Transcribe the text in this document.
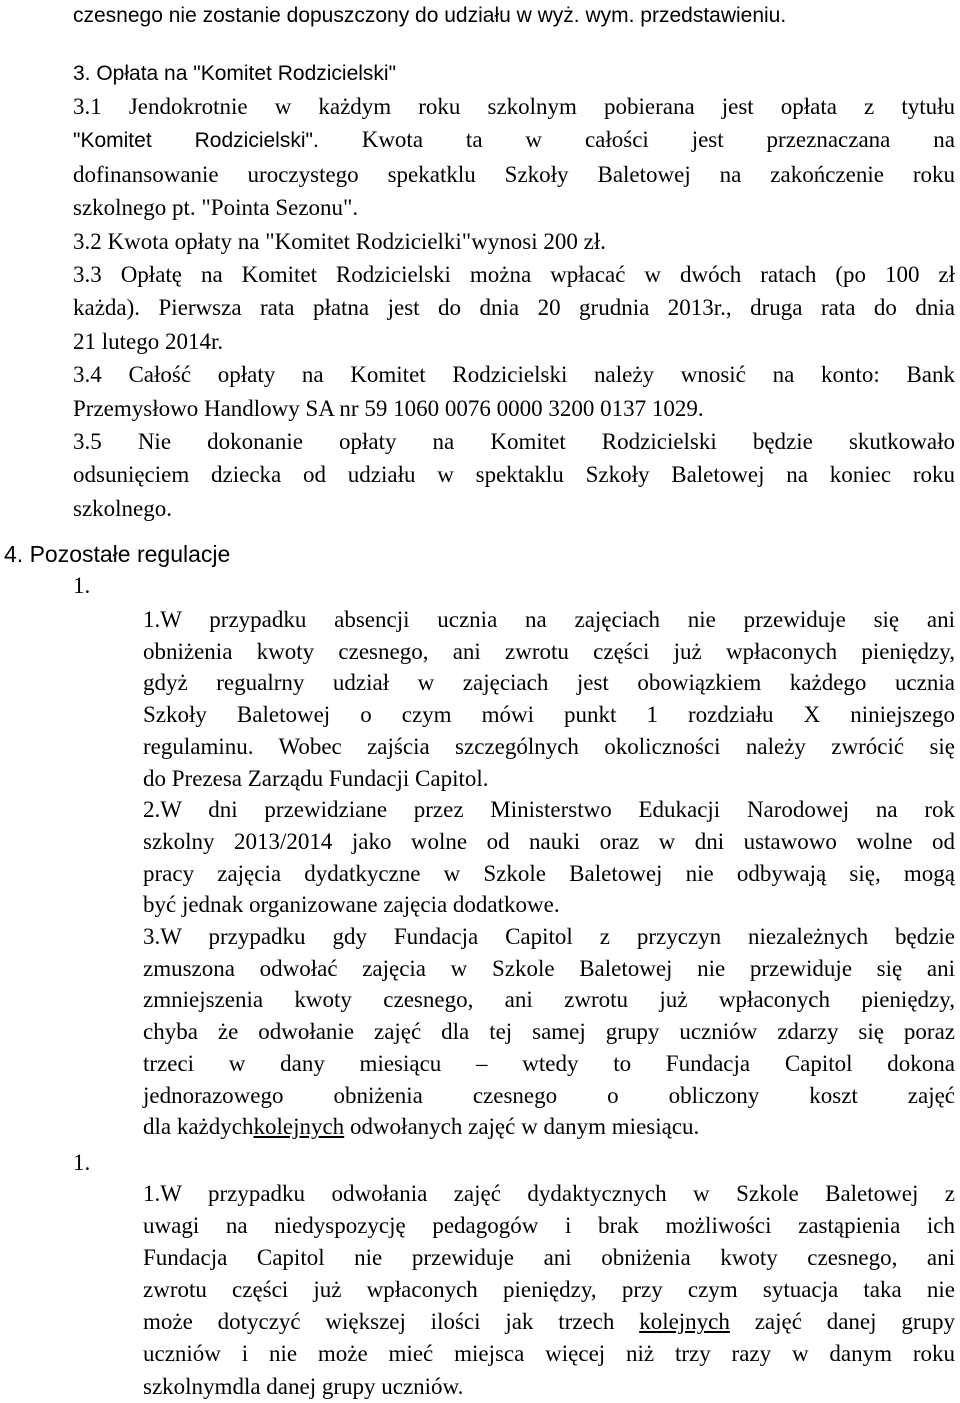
czesnego nie zostanie dopuszczony do udziału w wyż. wym. przedstawieniu.
3. Opłata na "Komitet Rodzicielski"
3.1 Jendokrotnie w każdym roku szkolnym pobierana jest opłata z tytułu
"Komitet Rodzicielski". Kwota ta w całości jest przeznaczana na
dofinansowanie uroczystego spekatklu Szkoły Baletowej na zakończenie roku
szkolnego pt. "Pointa Sezonu".
3.2 Kwota opłaty na "Komitet Rodzicielki"wynosi 200 zł.
3.3 Opłatę na Komitet Rodzicielski można wpłacać w dwóch ratach (po 100 zł
każda). Pierwsza rata płatna jest do dnia 20 grudnia 2013r., druga rata do dnia
21 lutego 2014r.
3.4 Całość opłaty na Komitet Rodzicielski należy wnosić na konto: Bank
Przemysłowo Handlowy SA nr 59 1060 0076 0000 3200 0137 1029.
3.5 Nie dokonanie opłaty na Komitet Rodzicielski będzie skutkowało
odsunięciem dziecka od udziału w spektaklu Szkoły Baletowej na koniec roku
szkolnego.
4. Pozostałe regulacje
1.
1.W przypadku absencji ucznia na zajęciach nie przewiduje się ani
obniżenia kwoty czesnego, ani zwrotu części już wpłaconych pieniędzy,
gdyż regualrny udział w zajęciach jest obowiązkiem każdego ucznia
Szkoły Baletowej o czym mówi punkt 1 rozdziału X niniejszego
regulaminu. Wobec zajścia szczególnych okoliczności należy zwrócić się
do Prezesa Zarządu Fundacji Capitol.
2.W dni przewidziane przez Ministerstwo Edukacji Narodowej na rok
szkolny 2013/2014 jako wolne od nauki oraz w dni ustawowo wolne od
pracy zajęcia dydatkyczne w Szkole Baletowej nie odbywają się, mogą
być jednak organizowane zajęcia dodatkowe.
3.W przypadku gdy Fundacja Capitol z przyczyn niezależnych będzie
zmuszona odwołać zajęcia w Szkole Baletowej nie przewiduje się ani
zmniejszenia kwoty czesnego, ani zwrotu już wpłaconych pieniędzy,
chyba że odwołanie zajęć dla tej samej grupy uczniów zdarzy się poraz
trzeci w dany miesiącu – wtedy to Fundacja Capitol dokona
jednorazowego obniżenia czesnego o obliczony koszt zajęć
dla każdychkolejnych odwołanych zajęć w danym miesiącu.
1.
1.W przypadku odwołania zajęć dydaktycznych w Szkole Baletowej z
uwagi na niedyspozycję pedagogów i brak możliwości zastąpienia ich
Fundacja Capitol nie przewiduje ani obniżenia kwoty czesnego, ani
zwrotu części już wpłaconych pieniędzy, przy czym sytuacja taka nie
może dotyczyć większej ilości jak trzech kolejnych zajęć danej grupy
uczniów i nie może mieć miejsca więcej niż trzy razy w danym roku
szkolnymdla danej grupy uczniów.
